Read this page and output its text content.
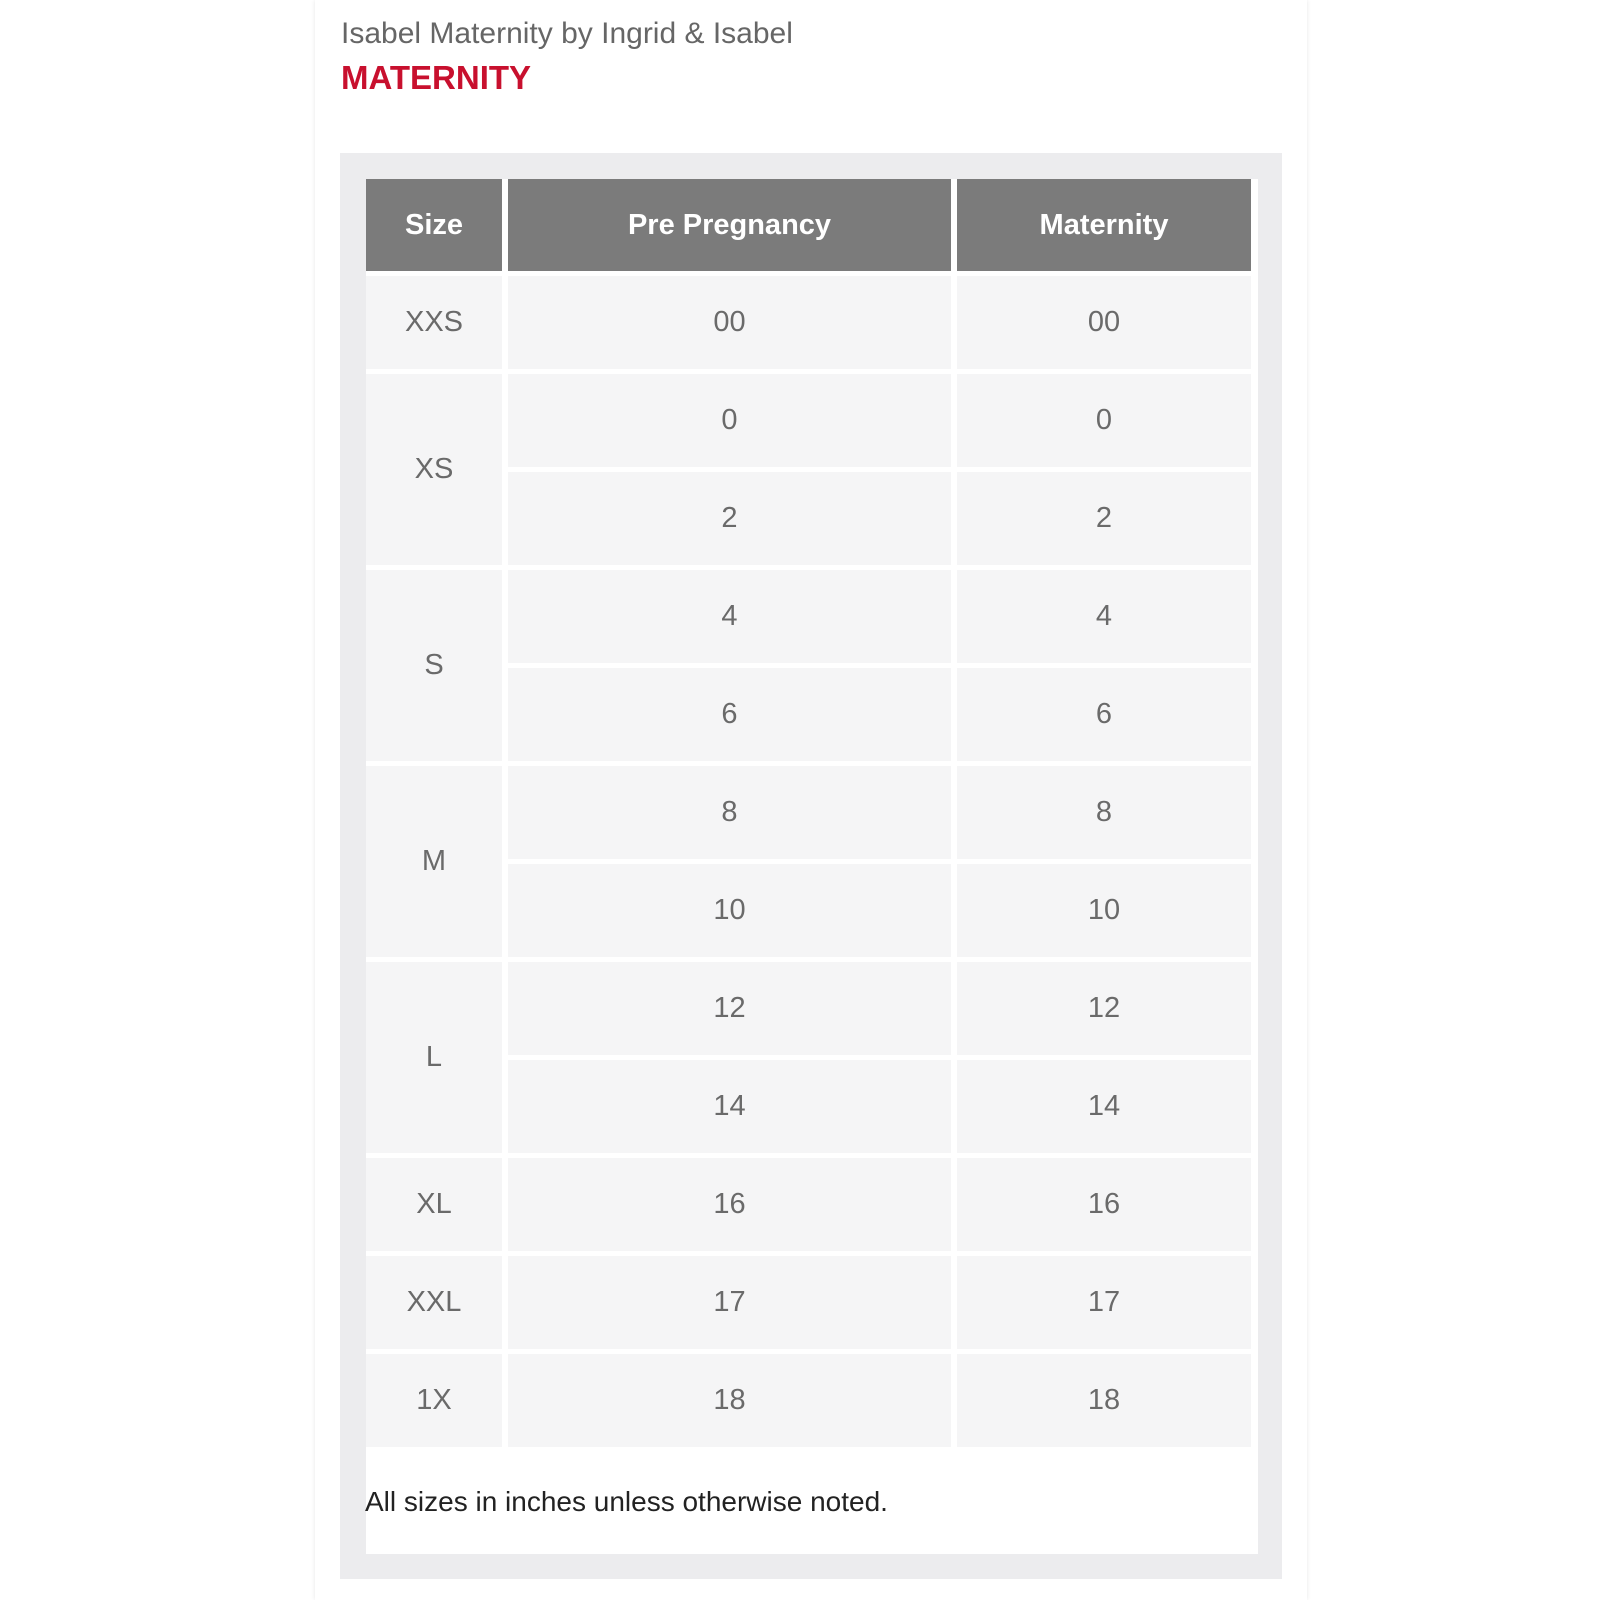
Isabel Maternity by Ingrid & Isabel
MATERNITY
Size	Pre Pregnancy	Maternity
XXS	00	00
XS
0	0
2	2
S
4	4
6	6
M
8	8
10	10
L
12	12
14	14
XL	16	16
XXL	17	17
1X	18	18
All sizes in inches unless otherwise noted.
